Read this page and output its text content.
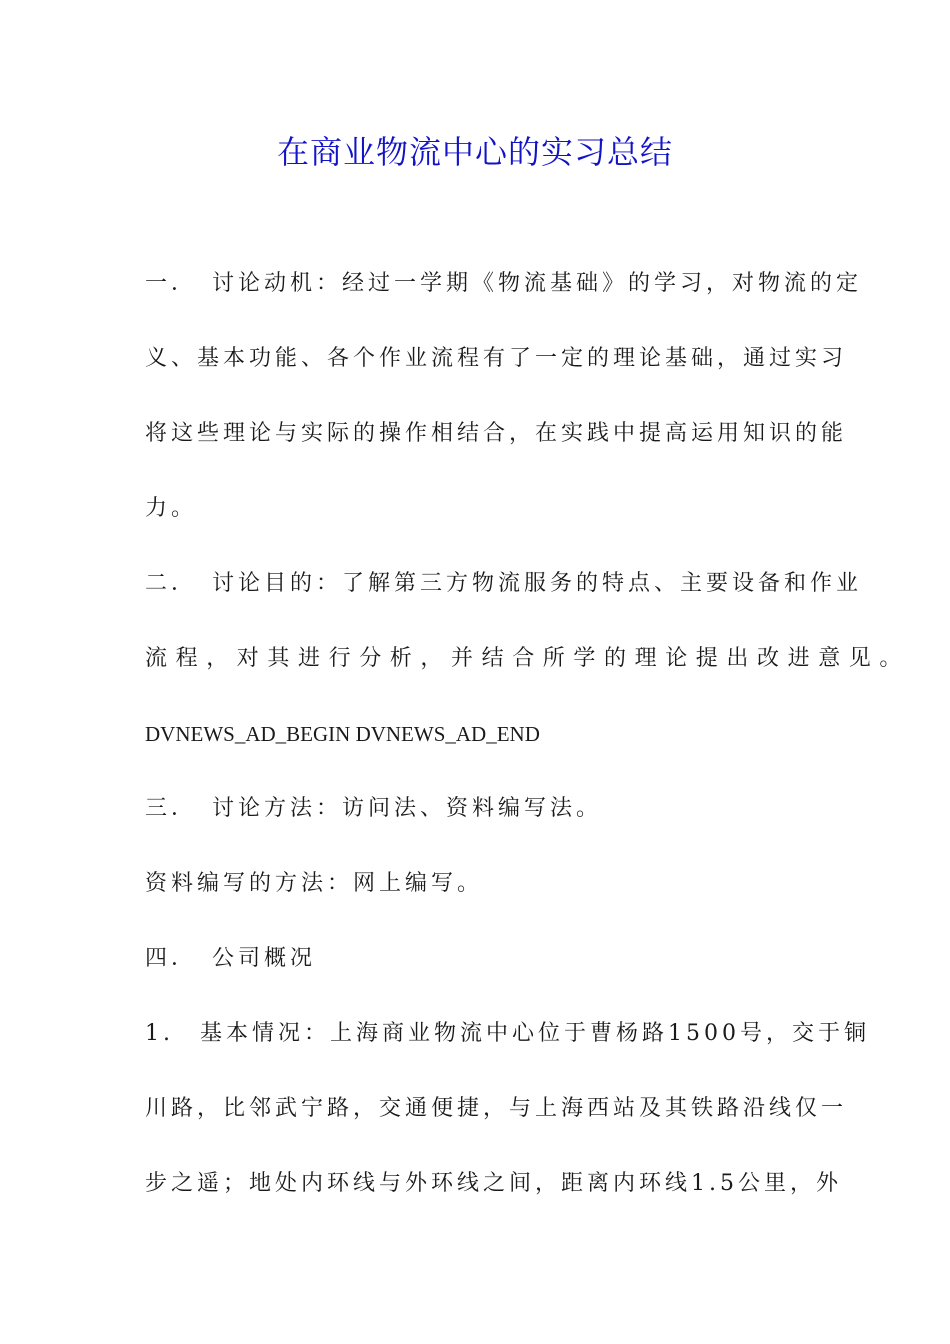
在商业物流中心的实习总结
一．　讨论动机：经过一学期《物流基础》的学习，对物流的定
义、基本功能、各个作业流程有了一定的理论基础，通过实习
将这些理论与实际的操作相结合，在实践中提高运用知识的能
力。
二．　讨论目的：了解第三方物流服务的特点、主要设备和作业
流程，对其进行分析，并结合所学的理论提出改进意见。
DVNEWS_AD_BEGIN DVNEWS_AD_END
三．　讨论方法：访问法、资料编写法。
资料编写的方法：网上编写。
四．　公司概况
1.　基本情况：上海商业物流中心位于曹杨路1500号，交于铜
川路，比邻武宁路，交通便捷，与上海西站及其铁路沿线仅一
步之遥；地处内环线与外环线之间，距离内环线1.5公里，外
